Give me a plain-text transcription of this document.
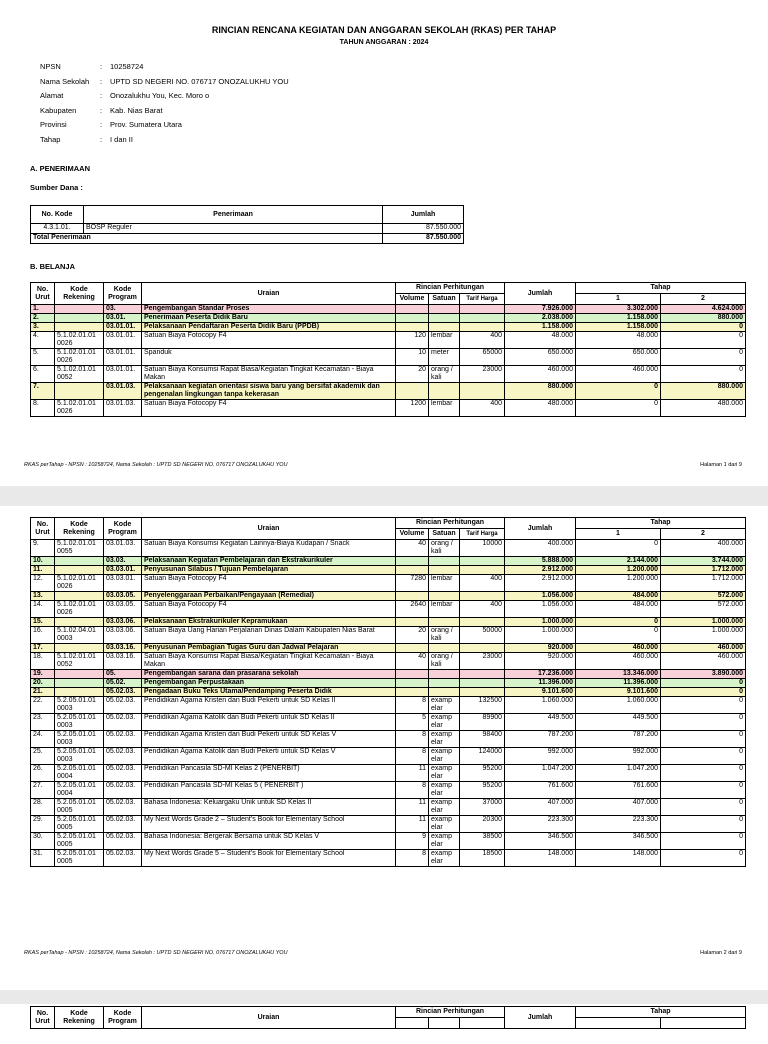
RINCIAN RENCANA KEGIATAN DAN ANGGARAN SEKOLAH (RKAS) PER TAHAP
TAHUN ANGGARAN : 2024
NPSN	:	10258724
Nama Sekolah	:	UPTD SD NEGERI NO. 076717 ONOZALUKHU YOU
Alamat	:	Onozalukhu You, Kec. Moro o
Kabupaten	:	Kab. Nias Barat
Provinsi	:	Prov. Sumatera Utara
Tahap	:	I dan II
A. PENERIMAAN
Sumber Dana :
No. Kode	Penerimaan	Jumlah
4.3.1.01.	BOSP Reguler	87.550.000
Total Penerimaan		87.550.000
B. BELANJA
No. Urut	Kode Rekening	Kode Program	Uraian	Rincian Perhitungan			Jumlah	Tahap	
				Volume	Satuan	Tarif Harga		1	2
1.		03.	Pengembangan Standar Proses				7.926.000	3.302.000	4.624.000
2.		03.01.	Penerimaan Peserta Didik Baru				2.038.000	1.158.000	880.000
3.		03.01.01.	Pelaksanaan Pendaftaran Peserta Didik Baru (PPDB)				1.158.000	1.158.000	0
4.	5.1.02.01.01 0026	03.01.01.	Satuan Biaya Fotocopy F4	120	lembar	400	48.000	48.000	0
5.	5.1.02.01.01 0026	03.01.01.	Spanduk	10	meter	65000	650.000	650.000	0
6.	5.1.02.01.01 0052	03.01.01.	Satuan Biaya Konsumsi Rapat Biasa/Kegiatan Tingkat Kecamatan - Biaya Makan	20	orang / kali	23000	460.000	460.000	0
7.		03.01.03.	Pelaksanaan kegiatan orientasi siswa baru yang bersifat akademik dan pengenalan lingkungan tanpa kekerasan				880.000	0	880.000
8.	5.1.02.01.01 0026	03.01.03.	Satuan Biaya Fotocopy F4	1200	lembar	400	480.000	0	480.000
RKAS perTahap - NPSN : 10258724, Nama Sekolah : UPTD SD NEGERI NO. 076717 ONOZALUKHU YOU	Halaman 1 dari 9
No. Urut	Kode Rekening	Kode Program	Uraian	Rincian Perhitungan			Jumlah	Tahap	
				Volume	Satuan	Tarif Harga		1	2
9.	5.1.02.01.01 0055	03.01.03.	Satuan Biaya Konsumsi Kegiatan Lainnya-Biaya Kudapan / Snack	40	orang / kali	10000	400.000	0	400.000
10.		03.03.	Pelaksanaan Kegiatan Pembelajaran dan Ekstrakurikuler				5.888.000	2.144.000	3.744.000
11.		03.03.01.	Penyusunan Silabus / Tujuan Pembelajaran				2.912.000	1.200.000	1.712.000
12.	5.1.02.01.01 0026	03.03.01.	Satuan Biaya Fotocopy F4	7280	lembar	400	2.912.000	1.200.000	1.712.000
13.		03.03.05.	Penyelenggaraan Perbaikan/Pengayaan (Remedial)				1.056.000	484.000	572.000
14.	5.1.02.01.01 0026	03.03.05.	Satuan Biaya Fotocopy F4	2640	lembar	400	1.056.000	484.000	572.000
15.		03.03.06.	Pelaksanaan Ekstrakurikuler Kepramukaan				1.000.000	0	1.000.000
16.	5.1.02.04.01 0003	03.03.06.	Satuan Biaya Uang Harian Perjalanan Dinas Dalam Kabupaten Nias Barat	20	orang / kali	50000	1.000.000	0	1.000.000
17.		03.03.16.	Penyusunan Pembagian Tugas Guru dan Jadwal Pelajaran				920.000	460.000	460.000
18.	5.1.02.01.01 0052	03.03.16.	Satuan Biaya Konsumsi Rapat Biasa/Kegiatan Tingkat Kecamatan - Biaya Makan	40	orang / kali	23000	920.000	460.000	460.000
19.		05.	Pengembangan sarana dan prasarana sekolah				17.236.000	13.346.000	3.890.000
20.		05.02.	Pengembangan Perpustakaan				11.396.000	11.396.000	0
21.		05.02.03.	Pengadaan Buku Teks Utama/Pendamping Peserta Didik				9.101.600	9.101.600	0
22.	5.2.05.01.01 0003	05.02.03.	Pendidikan Agama Kristen dan Budi Pekerti untuk SD Kelas II	8	examp elar	132500	1.060.000	1.060.000	0
23.	5.2.05.01.01 0003	05.02.03.	Pendidikan Agama Katolik dan Budi Pekerti untuk SD Kelas II	5	examp elar	89900	449.500	449.500	0
24.	5.2.05.01.01 0003	05.02.03.	Pendidikan Agama Kristen dan Budi Pekerti untuk SD Kelas V	8	examp elar	98400	787.200	787.200	0
25.	5.2.05.01.01 0003	05.02.03.	Pendidikan Agama Katolik dan Budi Pekerti untuk SD Kelas V	8	examp elar	124000	992.000	992.000	0
26.	5.2.05.01.01 0004	05.02.03.	Pendidikan Pancasila SD-MI Kelas 2 (PENERBIT)	11	examp elar	95200	1.047.200	1.047.200	0
27.	5.2.05.01.01 0004	05.02.03.	Pendidikan Pancasila SD-MI Kelas 5 ( PENERBIT )	8	examp elar	95200	761.600	761.600	0
28.	5.2.05.01.01 0005	05.02.03.	Bahasa Indonesia: Keluargaku Unik untuk SD Kelas II	11	examp elar	37000	407.000	407.000	0
29.	5.2.05.01.01 0005	05.02.03.	My Next Words Grade 2 – Student's Book for Elementary School	11	examp elar	20300	223.300	223.300	0
30.	5.2.05.01.01 0005	05.02.03.	Bahasa Indonesia: Bergerak Bersama untuk SD Kelas V	9	examp elar	38500	346.500	346.500	0
31.	5.2.05.01.01 0005	05.02.03.	My Next Words Grade 5 – Student's Book for Elementary School	8	examp elar	18500	148.000	148.000	0
RKAS perTahap - NPSN : 10258724, Nama Sekolah : UPTD SD NEGERI NO. 076717 ONOZALUKHU YOU	Halaman 2 dari 9
No. Urut	Kode Rekening	Kode Program	Uraian	Rincian Perhitungan			Jumlah	Tahap	
